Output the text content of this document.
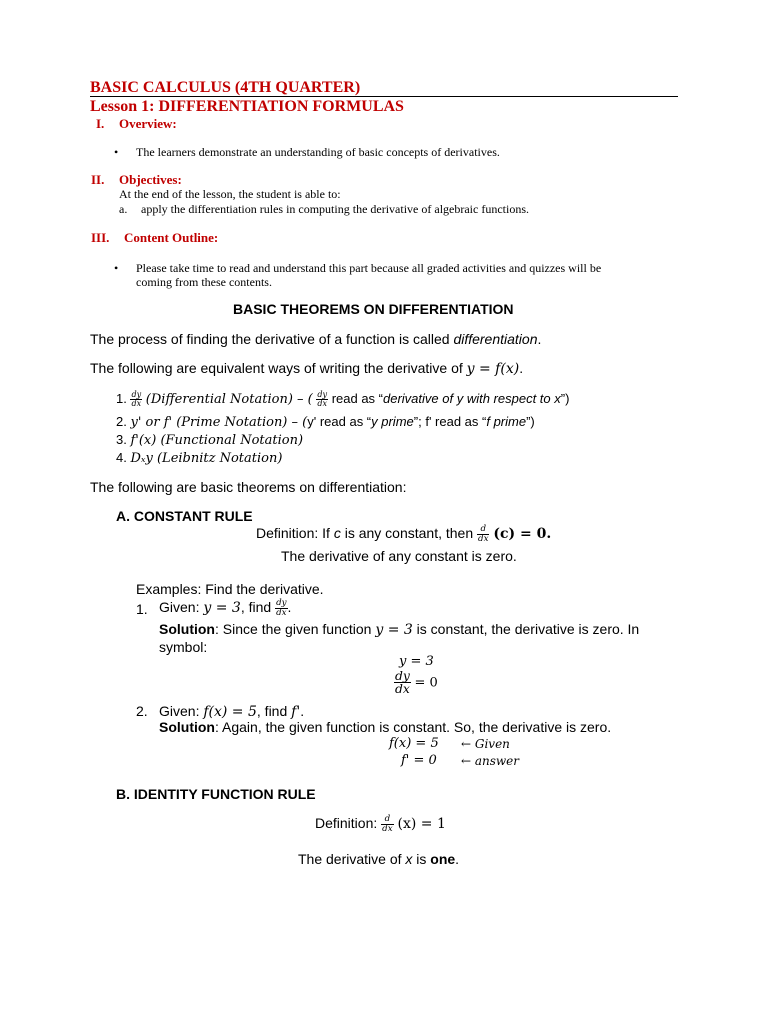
BASIC CALCULUS (4TH QUARTER)
Lesson 1: DIFFERENTIATION FORMULAS
I. Overview:
• The learners demonstrate an understanding of basic concepts of derivatives.
II. Objectives:
At the end of the lesson, the student is able to:
a. apply the differentiation rules in computing the derivative of algebraic functions.
III. Content Outline:
• Please take time to read and understand this part because all graded activities and quizzes will be
coming from these contents.
BASIC THEOREMS ON DIFFERENTIATION
The process of finding the derivative of a function is called differentiation.
The following are equivalent ways of writing the derivative of y = f(x).
1. $\frac{dy}{dx}$ (Differential Notation) – ( $\frac{dy}{dx}$ read as “derivative of y with respect to x”)
2. y' or f' (Prime Notation) – (y' read as “y prime”; f' read as “f prime”)
3. f'(x) (Functional Notation)
4. Dₓy (Leibnitz Notation)
The following are basic theorems on differentiation:
A. CONSTANT RULE
Definition: If c is any constant, then $\frac{d}{dx} (c) = 0$.
The derivative of any constant is zero.
Examples: Find the derivative.
1. Given: y = 3, find $\frac{dy}{dx}$ .
Solution: Since the given function y = 3 is constant, the derivative is zero. In
symbol:
y = 3
$\frac{dy}{dx} = 0$
2. Given: f(x) = 5, find f'.
Solution: Again, the given function is constant. So, the derivative is zero.
f(x) = 5 ← Given
f' = 0 ← answer
B. IDENTITY FUNCTION RULE
Definition: $\frac{d}{dx} (x) = 1$
The derivative of x is one.
